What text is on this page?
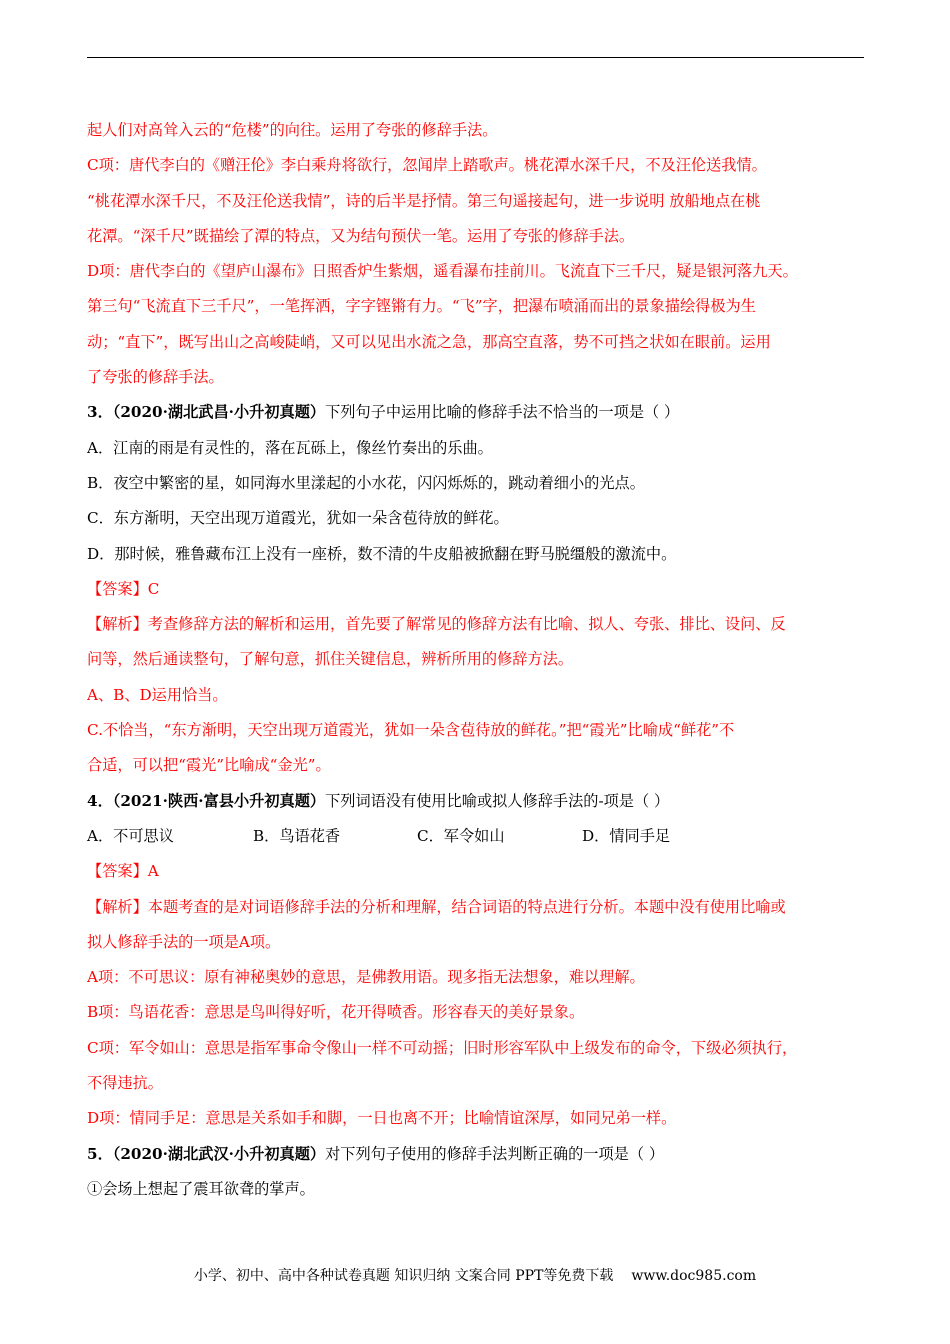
起人们对高耸入云的“危楼”的向往。运用了夸张的修辞手法。
C项：唐代李白的《赠汪伦》李白乘舟将欲行，忽闻岸上踏歌声。桃花潭水深千尺，不及汪伦送我情。
“桃花潭水深千尺，不及汪伦送我情”，诗的后半是抒情。第三句遥接起句，进一步说明 放船地点在桃
花潭。“深千尺”既描绘了潭的特点，又为结句预伏一笔。运用了夸张的修辞手法。
D项：唐代李白的《望庐山瀑布》日照香炉生紫烟，遥看瀑布挂前川。飞流直下三千尺，疑是银河落九天。
第三句“飞流直下三千尺”，一笔挥洒，字字铿锵有力。“飞”字，把瀑布喷涌而出的景象描绘得极为生
动；“直下”，既写出山之高峻陡峭，又可以见出水流之急，那高空直落，势不可挡之状如在眼前。运用
了夸张的修辞手法。
3．（2020·湖北武昌·小升初真题）下列句子中运用比喻的修辞手法不恰当的一项是（ ）
A．江南的雨是有灵性的，落在瓦砾上，像丝竹奏出的乐曲。
B．夜空中繁密的星，如同海水里漾起的小水花，闪闪烁烁的，跳动着细小的光点。
C．东方渐明，天空出现万道霞光，犹如一朵含苞待放的鲜花。
D．那时候，雅鲁藏布江上没有一座桥，数不清的牛皮船被掀翻在野马脱缰般的激流中。
【答案】C
【解析】考查修辞方法的解析和运用，首先要了解常见的修辞方法有比喻、拟人、夸张、排比、设问、反
问等，然后通读整句，了解句意，抓住关键信息，辨析所用的修辞方法。
A、B、D运用恰当。
C.不恰当，“东方渐明，天空出现万道霞光，犹如一朵含苞待放的鲜花。”把“霞光”比喻成“鲜花”不
合适，可以把“霞光”比喻成“金光”。
4．（2021·陕西·富县小升初真题）下列词语没有使用比喻或拟人修辞手法的-项是（ ）
A．不可思议	B．鸟语花香	C．军令如山	D．情同手足
【答案】A
【解析】本题考查的是对词语修辞手法的分析和理解，结合词语的特点进行分析。本题中没有使用比喻或
拟人修辞手法的一项是A项。
A项：不可思议：原有神秘奥妙的意思，是佛教用语。现多指无法想象，难以理解。
B项：鸟语花香：意思是鸟叫得好听，花开得喷香。形容春天的美好景象。
C项：军令如山：意思是指军事命令像山一样不可动摇；旧时形容军队中上级发布的命令，下级必须执行，
不得违抗。
D项：情同手足：意思是关系如手和脚，一日也离不开；比喻情谊深厚，如同兄弟一样。
5．（2020·湖北武汉·小升初真题）对下列句子使用的修辞手法判断正确的一项是（ ）
①会场上想起了震耳欲聋的掌声。
小学、初中、高中各种试卷真题 知识归纳 文案合同 PPT等免费下载 www.doc985.com
